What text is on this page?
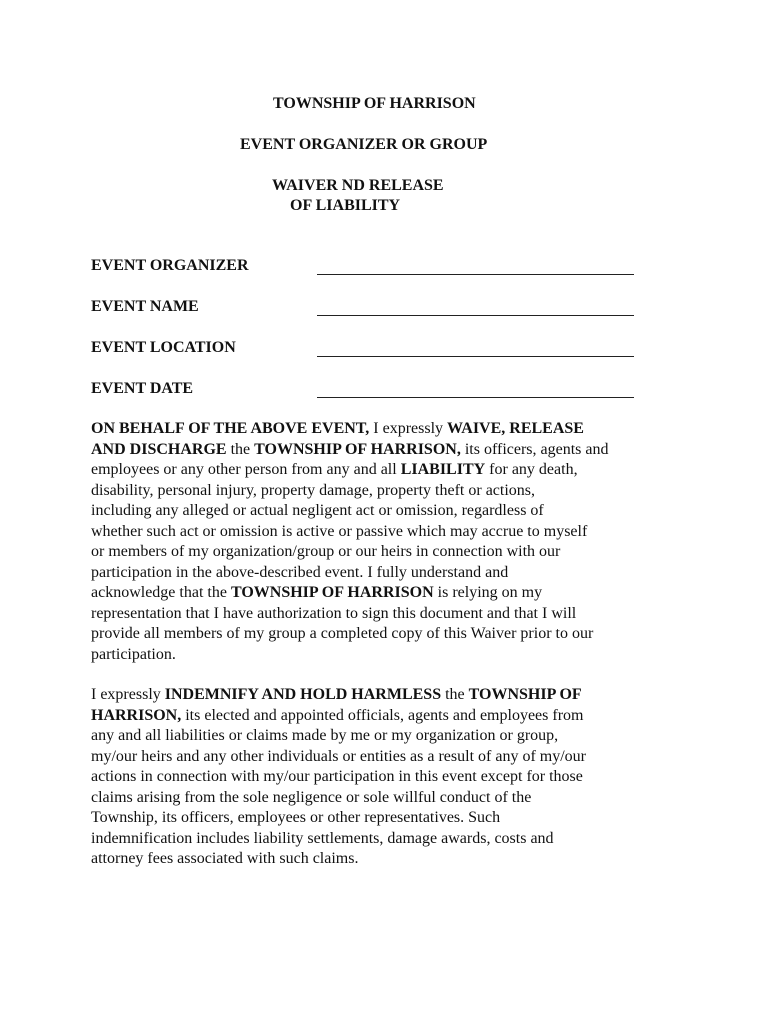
TOWNSHIP OF HARRISON
EVENT ORGANIZER OR GROUP
WAIVER ND RELEASE
OF LIABILITY
EVENT ORGANIZER
EVENT NAME
EVENT LOCATION
EVENT DATE
ON BEHALF OF THE ABOVE EVENT, I expressly WAIVE, RELEASE
AND DISCHARGE the TOWNSHIP OF HARRISON, its officers, agents and
employees or any other person from any and all LIABILITY for any death,
disability, personal injury, property damage, property theft or actions,
including any alleged or actual negligent act or omission, regardless of
whether such act or omission is active or passive which may accrue to myself
or members of my organization/group or our heirs in connection with our
participation in the above-described event. I fully understand and
acknowledge that the TOWNSHIP OF HARRISON is relying on my
representation that I have authorization to sign this document and that I will
provide all members of my group a completed copy of this Waiver prior to our
participation.
I expressly INDEMNIFY AND HOLD HARMLESS the TOWNSHIP OF
HARRISON, its elected and appointed officials, agents and employees from
any and all liabilities or claims made by me or my organization or group,
my/our heirs and any other individuals or entities as a result of any of my/our
actions in connection with my/our participation in this event except for those
claims arising from the sole negligence or sole willful conduct of the
Township, its officers, employees or other representatives. Such
indemnification includes liability settlements, damage awards, costs and
attorney fees associated with such claims.
